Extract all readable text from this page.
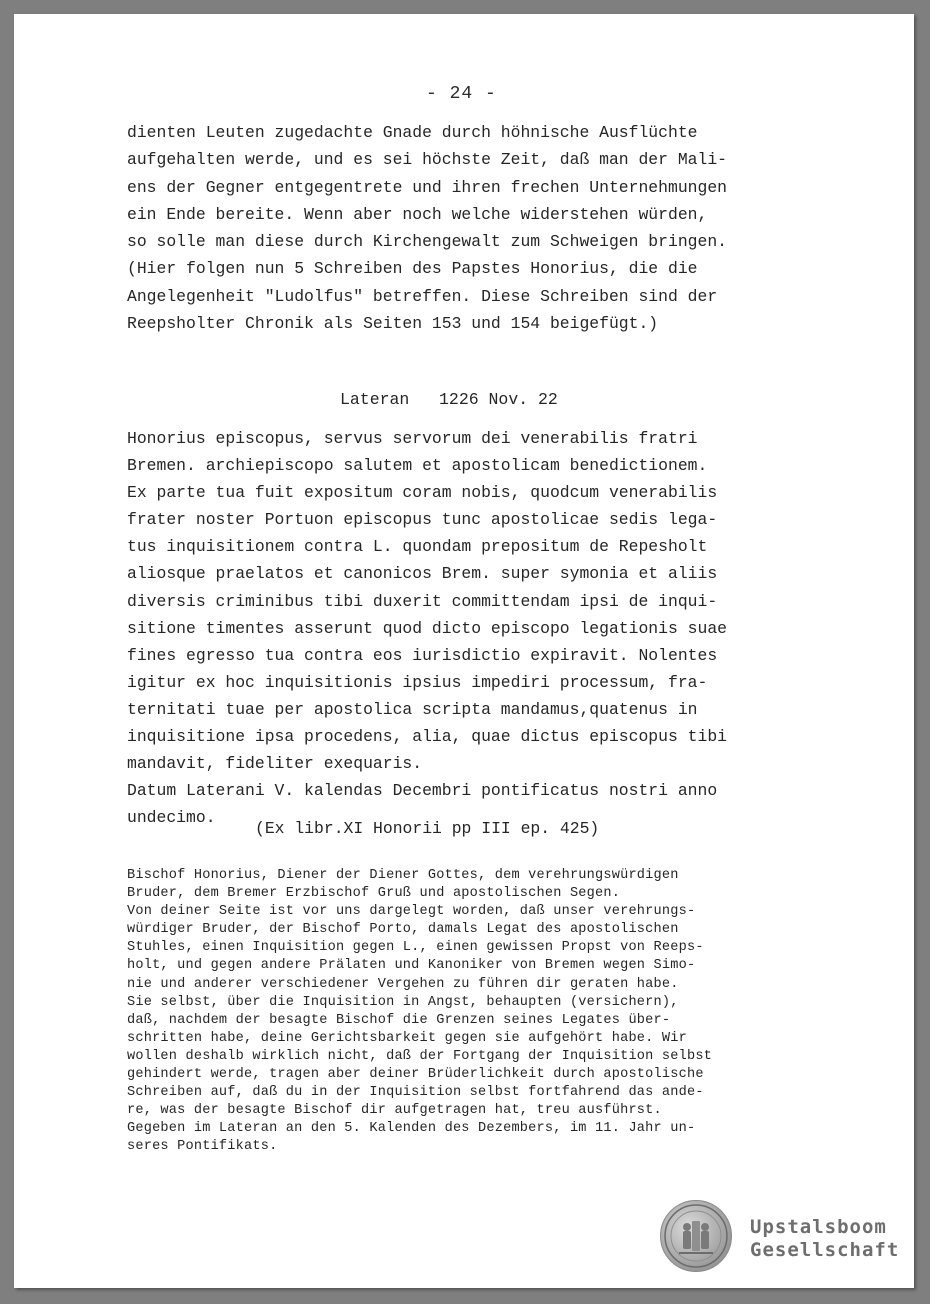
- 24 -
dienten Leuten zugedachte Gnade durch höhnische Ausflüchte
aufgehalten werde, und es sei höchste Zeit, daß man der Mali-
ens der Gegner entgegentrete und ihren frechen Unternehmungen
ein Ende bereite. Wenn aber noch welche widerstehen würden,
so solle man diese durch Kirchengewalt zum Schweigen bringen.
(Hier folgen nun 5 Schreiben des Papstes Honorius, die die
Angelegenheit "Ludolfus" betreffen. Diese Schreiben sind der
Reepsholter Chronik als Seiten 153 und 154 beigefügt.)
Lateran   1226 Nov. 22
Honorius episcopus, servus servorum dei venerabilis fratri
Bremen. archiepiscopo salutem et apostolicam benedictionem.
Ex parte tua fuit expositum coram nobis, quodcum venerabilis
frater noster Portuon episcopus tunc apostolicae sedis lega-
tus inquisitionem contra L. quondam prepositum de Repesholt
aliosque praelatos et canonicos Brem. super symonia et aliis
diversis criminibus tibi duxerit committendam ipsi de inqui-
sitione timentes asserunt quod dicto episcopo legationis suae
fines egresso tua contra eos iurisdictio expiravit. Nolentes
igitur ex hoc inquisitionis ipsius impediri processum, fra-
ternitati tuae per apostolica scripta mandamus,quatenus in
inquisitione ipsa procedens, alia, quae dictus episcopus tibi
mandavit, fideliter exequaris.
Datum Laterani V. kalendas Decembri pontificatus nostri anno
undecimo.
(Ex libr.XI Honorii pp III ep. 425)
Bischof Honorius, Diener der Diener Gottes, dem verehrungswürdigen
Bruder, dem Bremer Erzbischof Gruß und apostolischen Segen.
Von deiner Seite ist vor uns dargelegt worden, daß unser verehrungs-
würdiger Bruder, der Bischof Porto, damals Legat des apostolischen
Stuhles, einen Inquisition gegen L., einen gewissen Propst von Reeps-
holt, und gegen andere Prälaten und Kanoniker von Bremen wegen Simo-
nie und anderer verschiedener Vergehen zu führen dir geraten habe.
Sie selbst, über die Inquisition in Angst, behaupten (versichern),
daß, nachdem der besagte Bischof die Grenzen seines Legates über-
schritten habe, deine Gerichtsbarkeit gegen sie aufgehört habe. Wir
wollen deshalb wirklich nicht, daß der Fortgang der Inquisition selbst
gehindert werde, tragen aber deiner Brüderlichkeit durch apostolische
Schreiben auf, daß du in der Inquisition selbst fortfahrend das ande-
re, was der besagte Bischof dir aufgetragen hat, treu ausführst.
Gegeben im Lateran an den 5. Kalenden des Dezembers, im 11. Jahr un-
seres Pontifikats.
Upstalsboom
Gesellschaft
